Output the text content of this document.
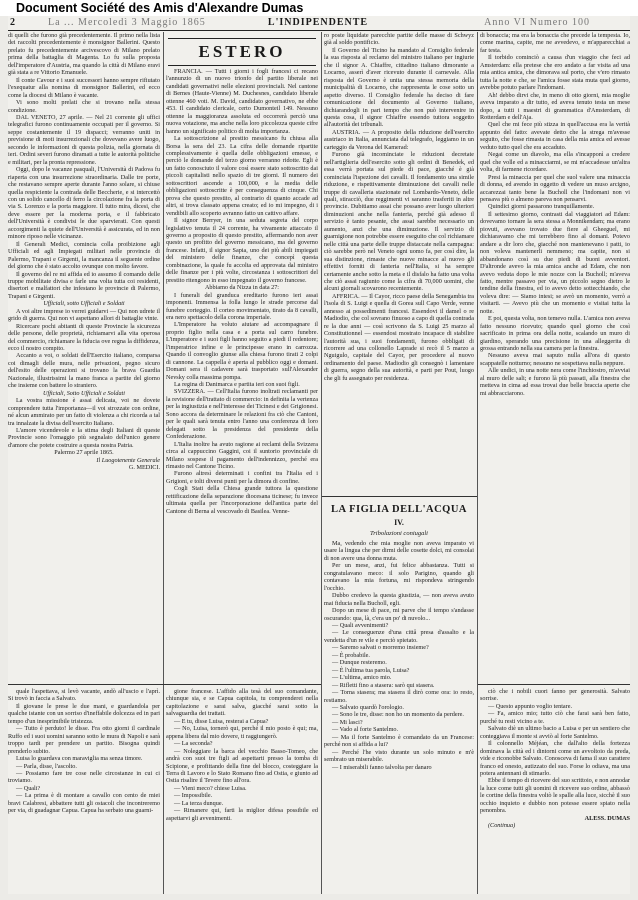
Document Société des Amis d'Alexandre Dumas
2	La ... Mercoledì 3 Maggio 1865	L'INDIPENDENTE	Anno VI Numero 100

di quelli che furono già precedentemente. Il primo nella lista dei raccolti precedentemente è monsignor Ballerini. Questo prelato fu precedentemente arcivescovo di Milano prelato prima della battaglia di Magenta. Lo fu sulla proposta dell'imperatore d'Austria, ma quando la città di Milano eravi già stata a re Vittorio Emanuele.

Il conte Cavour e i suoi successori hanno sempre rifiutato l'exequatur alla nomina di monsignor Ballerini, ed ecco come la diocesi di Milano è vacante.

Vi sono molti prelati che si trovano nella stessa condizione.

DAL VENETO, 27 aprile. — Nel 21 corrente gli uffici telegrafici furono continuamente occupati per il governo. Si seppe costantemente il 19 dispacci; verranno uniti in previsione di moti insurrezionali che dovevano avere luogo, secondo le informazioni di questa polizia, nella giornata di ieri. Ordini severi furono diramati a tutte le autorità politiche e militari, per la pronta repressione.

Oggi, dopo le vacanze pasquali, l'Università di Padova fu riaperta con una insurrezione straordinaria. Dalle tre porte, che restavano sempre aperte durante l'anno solare, si chiuse quella respiciente la contrada delle Beccherie, e si intercettò con un solido cancello di ferro la circolazione fra la porta di via S. Lorenzo e la porta maggiore. Il tutto mira, dicesi, che deve essere per la moderna porta, e il fabbricato dell'Università è condivisi le due sparvierati. Con questi accorgimenti la quiete dell'Università è assicurata, ed in non minore riposo nelle vicinanze.

Il Generali Medici, comincia colla proibizione agli Ufficiali ed agli Impiegati militari nelle provincie di Palermo, Trapani e Girgenti, la mancanza il seguente ordine del giorno che è stato accolto ovunque con molto favore.

Il governo del re mi affida ed io assumo il comando delle truppe mobilitate divisa e farle una volta tutta coi residenti, disertori e malfattori che infestano le provincie di Palermo, Trapani e Girgenti.

Ufficiali, sotto Ufficiali e Soldati

A voi altre imprese io verrei guidarvi — Qui non udrete il grido di guerra. Qui non vi aspettano allori di battaglie vinte.

Ricercare pochi abitanti di queste Provincie la sicurezza delle persone, delle proprietà, richiamarvi alla vita operosa del commercio, richiamare la fiducia ove regna la diffidenza, ecco il nostro compito.

Accanto a voi, o soldati dell'Esercito italiano, comparsa coi dimagli delle mura, nelle privazioni, pegno sicuro dell'esito delle operazioni si trovano la brava Guardia Nazionale, illustrissimi la mano franca a partite del giorno che insieme con battere lo straniero.

Ufficiali, Sotto Ufficiali e Soldati

La vostra missione è assai delicata, voi ne dovete comprendere tutta l'importanza—il voi strozzate con ordine, né alcun ammirato per un fatto di violenza a chi ricorda a tal tra innalzate la divisa dell'esercito Italiano.

L'amore vicendevole e la stima degli Italiani di queste Provincie sono l'omaggio più segnalato dell'unico genere d'amore che potete costruire a questa nostra Patria.

Palermo 27 aprile 1865.

Il Luogotenente Generale

G. MEDICI.

ESTERO

FRANCIA. — Tutti i giorni i fogli francesi ci recano l'annunzio di un nuovo trionfo del partito liberale nei candidati governativi nelle elezioni provinciali. Nel cantone di Bernes (Haute-Vienne) M. Duchesnes, candidato liberale ottenne 460 voti. M. David, candidato governativo, ne ebbe 453. Il candidato clericale, certo Dumonteil 149. Nessuno ottenne la maggioranza assoluta ed occorrerà perciò una nuova votazione, ma anche nella loro piccolezza queste cifre hanno un significato politico di molta importanza.

La sottoscrizione al prestito messicano fu chiusa alla Borsa la sera del 23. La cifra delle domande ripartite complessivamente è quella delle obbligazioni emesse, e perciò le domande del terzo giorno verranno ridotte. Egli è un fatto conosciuto il valore così essere stato sottoscritto dai piccoli capitalisti nello spazio di tre giorni. Il numero dei sottoscrittori ascende a 100,000, e la media delle obbligazioni sottoscritte è per conseguenza di cinque. Chi prova che questo prestito, al contrario di quanto accade ad altri, si trova classato appena creato; ed io mi impegno, di i vendibili allo scoperto avranno fatto un cattivo affare.

Il signor Berryer, in una seduta segreta del corpo legislativo tenuta il 24 corrente, ha vivamente attaccato il governo a proposito di questo prestito, affermando non aver questo un profitto del governo messicano, ma del governo francese. Infatti, il signor Sapia, uno dei più abili impiegati del ministero delle finanze, che concepì questa combinazione, la quale fu accolta ed approvata dal ministro delle finanze per i più volte, circostanza i sottoscrittori del prestito ritengono in esso impegnato il governo francese.

Abbiamo da Nizza in data 27:

I funerali del granduca ereditario furono ieri assai imponenti. Immensa la folla lungo le strade percorse dal funebre corteggio. Il corteo movimentato, tirato da 8 cavalli, era nero spettacolo della corona imperiale.

L'Imperatore ha voluto aiutare ad accompagnare il proprio figlio nella casa e a porta sul carro funebre. L'imperatore e i suoi figli hanno seguito a piedi il redentore; l'imperatrice infine e le principesse erano in carrozza. Quando il convoglio giunse alla chiesa furono tirati 2 colpi di cannone. La cappella è aperta al pubblico oggi e domani. Domani sera il cadavere sarà trasportato sull'Alexander Nevsky colla massima pompa.

La regina di Danimarca e partita ieri con suoi figli.

SVIZZERA. — Cell'Italia furono inoltrati reclamanti per la revisione dell'trattato di commercio: in definita la vertenza per la ingiustizia e nell'interesse dei Ticinesi e dei Grigionesi. Sono accora da determinare le relazioni fra ciò che Cantoni, per le quali sarà tenuta entro l'anno una conferenza di loro delegati sotto la presidenza del presidente della Confederazione.

L'Italia inoltre ha avuto ragione ai reclami della Svizzera circa al cappuccino Gaggini, coi il suntorio provinciale di Milano sospese il pagamento dell'indennizzo, perché era rimasto nel Cantone Ticino.

Furono altresì determinati i confini tra l'Italia ed i Grigioni, e tolti diversi punti per la dimora di confine.

Cogli Stati della Chiesa grande tuttora la questione rettificazione della separazione diocesana ticinese; fu invece ultimata quella per l'incorporazione dell'antica parte del Cantone di Berna al vescovado di Basilea. Venne-

ro poste liquidate parecchie partite delle masse di Schwyz già al soldo pontificio.

Il Governo del Ticino ha mandato al Consiglio federale la sua risposta al reclamo del ministro italiano per ingiurie che il signor A. Chiaffre, cittadino italiano dimorante a Locarno, asserì d'aver ricevuto durante il carnevale. Alla risposta del Governo è unita una stessa memoria della municipalità di Locarno, che rappresenta le cose sotto un aspetto diverso. Il Consiglio federale ha deciso di fare comunicazione del documento al Governo italiano, dichiarandogli in pari tempo che non può intervenire in questa cosa, il signor Chiaffre essendo tuttora soggetto all'autorità dei tribunali.

AUSTRIA. — A proposito della riduzione dell'esercito austriaco in Italia, annunciata dal telegrafo, leggiamo in un carteggio da Verona del Kamerad:

Furono già incominciate le riduzioni decretate nell'artiglieria dell'esercito sotto gli ordini di Benedek, ed essa verrà portata sul piede di pace, giacché è già cominciata l'ispezione dei cavalli. Il fondamento una simile riduzione, e rispettivamente diminuzione dei cavalli nelle truppe di cavalleria stazionate nel Lombardo-Veneto, delle quali, stiracciò, due reggimenti vi saranno trasferiti in altre provincie. Dubitiamo assai che possano aver luogo ulteriori diminuzioni anche nella fanteria, perché già adesso il servizio è tanto pesante, che assai sarebbe necessario un aumento, anzi che una diminuzione. Il servizio di guarnigione non potrebbe essere eseguito che col richiamare nelle città una parte delle truppe distaccate nella campagna: ciò sarebbe però nel Veneto ogni uomo fa, per così dire, la sua distinzione, rimaste che nuove minacce al nuovo gli effettivi forniti di fanteria nell'Italia, si ha sempre certamente anche sotto la meta e il disfalo ha fatto una volta che ciò assai ragiunto come la cifra di 70,000 uomini, che alcuni giornali scovarono recentemente.

AFFRICA. — Il Cayor, ricco paese della Senegambia tra l'isola di S. Luigi e quella di Gorea sull Capo Verde, venne annesso ai possedimenti francesi. Essendovi il damel o re Madiodio, che col sovrano finuoso a capo di quella contrada re la due anni — così scrivono da S. Luigi 25 marzo al Constitutionnel — essendosi mostrato incapace di stabilire l'autorità sua, i suoi fondamenti, furono obbligati di ricorrere ad una collonello Laprade si recò il 5 marzo a Nguigulo, capitale del Cayor, per procedere al nuovo ordinamento del paese. Madiodio gli consegnò i lamentare di guerra, segno della sua autorità, e parti per Pout, luogo che gli fu assegnato per residenza.

LA FIGLIA DELL'ACQUA
IV.
Tribolazioni coniugali

Ma, vedendo che mia moglie non aveva imparato vi usare la lingua che per dirmi delle cosette dolci, mi consolai di non avere una donna muta.

Per un mese, anzi, fui felice abbastanza. Tutti si congratulavano meco: il solo Parigino, quando gli contavano la mia fortuna, mi rispondeva stringendo l'occhio.

Dubbo credevo la questa giustizia, — non aveva avuto mai fiducia nella Bucholl, egli.

Dopo un mese di pace, mi parve che il tempo s'andasse oscurando: qua, là, c'era un po' di nuvolo...

— Quali avvenimenti?

— Le conseguenze d'una cittâ presa d'assalto e la vendetta d'un re vile e perciò spietato.

— Saremo salvati o morremo insieme?

— È probabile.

— Dunque resteremo.

— È l'ultima tua parola, Luisa?

— L'ultima, amico mio.

— Rifletti fino a stasera: sarò qui stasera.

— Torna stasera; ma stasera il dirò come ora: io resto, restiamo.

— Salvato quardò l'orologio.

— Sono le tre, disse: non ho un momento da perdere.

— Mi lasci?

— Vado al forte Santelmo.

— Ma il forte Santelmo è comandato da un Francese: perché non si affida a lui?

— Perché l'he visto durante un solo minuto e m'è sembrato un miserabile.

— I miserabili fanno talvolta per danaro

di bonaccia; ma era la bonaccia che precede la tempesta. Io, come marina, capite, me ne avvedevo, e m'apparecchiai a far testa.

Il torbido cominciò a causa d'un viaggio che feci ad Amsterdam: ella pretese che ero andato a far visita ad una mia antica amica, che dimorava sul porto, che v'ero rimasto tutta la notte e che, se l'amica fosse stata muta quel giorno, avrebbe potuto parlare l'indomani.

Ah! debbo dirvi che, in meno di otto giorni, mia moglie aveva imparato a dir tutto, ed aveva tenuto testa un mese dopo, a tutti i maestri di grammatica d'Amsterdam, di Rotterdam e dell'Aja.

Quel che mi fece più stizza in quell'accusa era la verità appunto del fatto: avevate detto che la strega m'avesse seguito, che fosse rimasta in casa della mia amica ed avesse veduto tutto quel che era accaduto.

Negai come un diavolo, ma ella s'incapponì a credere quel che volle ed a minacciarmi, se mi m'accadesse un'altra volta, di farmene ricordare.

Presi la minaccia per quel che suol valere una minaccia di donna, ed avendo in oggetto di vedere un muso arcigno, accarezzai tanto bene la Bucholl che l'indomani non vi pensava più o almeno pareva non pensarvi.

Quindici giorni passarono tranquillamente.

Il settesimo giorno, contrasti dal viaggiatori ad Edam: dovevamo tornare la sera stessa a Monnikendam; ma erano piovuti, avevano trovato due fiere al Gheeguel, mi dichiaravamo che mi terrebbero fino al domani. Potevo andare a dir loro che, giacché non mantenevano i patti, io non voleva mantenerli nemmeno; ma capite, non si abbandonano così su due piedi di buoni avventori. D'altronde avevo la mia amica anche ad Edam, che non avevo veduta dopo le mie nozze con la Bucholl; m'aveva fatto, mentre passavo per via, un piccolo segno dietro le tendine della finestra, ed io avevo detto sottecchiando, che voleva dire: — Siamo intesi; se avrò un momento, verrò a visitarti. — Avevo più che un momento e visitai tutta la notte.

E poi, questa volta, non temevo nulla. L'amica non aveva fatto nessuno ricevuto; quando quel giorno che così sacrificato in prima ora della notte, scalando un muro di giardino, sperando una precisione in una alleggerita di grossa entrando nella sua camera per la finestra.

Nessuno aveva mai saputo nulla all'ora di questo scappatelle notturno; nessuno ne sospettava nulla neppure.

Alle undici, in una notte nera come l'inchiostro, m'avviai al muro delle sali; e furono là più passati, alla finestra che metteva in cima ad essa trovai due belle braccia aperte che mi abbracciarono.

quale l'aspettava, si levò vacante, andò all'uscio e l'aprì. Si trovò in faccia a Salvato.

Il giovane le prese le due mani, e guardandola per qualche istante con un sorriso d'ineffabile dolcezza ed in pari tempo d'un inesprimibile tristezza.

— Tutto è perduto! le disse. Fra otto giorni il cardinale Ruffo ed i suoi uomini saranno sotto le mura di Napoli e sarà troppo tardi per prendere un partito. Bisogna quindi prenderlo subito.

Luisa lo guardava con maraviglia ma senza timore.

— Parla, disse, l'ascolto.

— Possiamo fare tre cose nelle circostanze in cui ci troviamo.

— Quali?

— La prima è di montare a cavallo con cento de miei bravi Calabresi, abbattere tutti gli ostacoli che incontreremo per via, di guadagnar Capua. Capua ha serbato una guarni-

gione francese. L'affido alla tesà del suo comandante, chiunque sia, e se Capua capitola, tu comprenderei nella capitolazione e sarai salva, giacché sarai sotto la salvaguardia dei trattati.

— E tu, disse Luisa, resterai a Capua?

— No, Luisa, tornerò qui, perché il mio posto è qui; ma, appena libera dal mio dovere, ti raggiungerò.

— La seconda?

— Noleggiare la barca del vecchio Basso-Tomeo, che andrà con suoi tre figli ad aspettarti presso la tomba di Scipione, e profittando della fine del blocco, costeggiare la Terra di Lavoro e lo Stato Romano fino ad Ostia, e giunto ad Ostia risalire il Tevere fino all'ora.

— Vieni meco? chiese Luisa.

— Impossibile.

— La terza dunque.

— Rimanere qui, farti la miglior difesa possibile ed aspettarvi gli avvenimenti.

ciò che i nobili cuori fanno per generosità. Salvato sorrise.

— Questo appunto voglio tentare.

— Fa, amico mio; tutto ciò che farai sarà ben fatto, purché tu resti vicino a te.

Salvato diè un ultimo bacio a Luisa e per un sentiero che conteggiava il monte si avviò al forte Santelmo.

Il colonnello Méjéan, che dall'alto della fortezza dominava la città ed i dintorni come un avvoltoio da preda, vide e riconobbe Salvato. Conosceva di fama il suo carattere franco ed onesto, autizzato del suo. Forse lo odiava, ma una potera antennani di stimarlo.

Ebbe il tempo di ricevere del suo scrittoio, e non annodar la luce come tutti gli uomini di ricevere suo ordine, abbassò le cortine della finestra voltò le spalle alla luce, sicchè il suo occhio inquieto e dubbio non potesse essere spiato nella penombra.

ALESS. DUMAS

(Continua)
